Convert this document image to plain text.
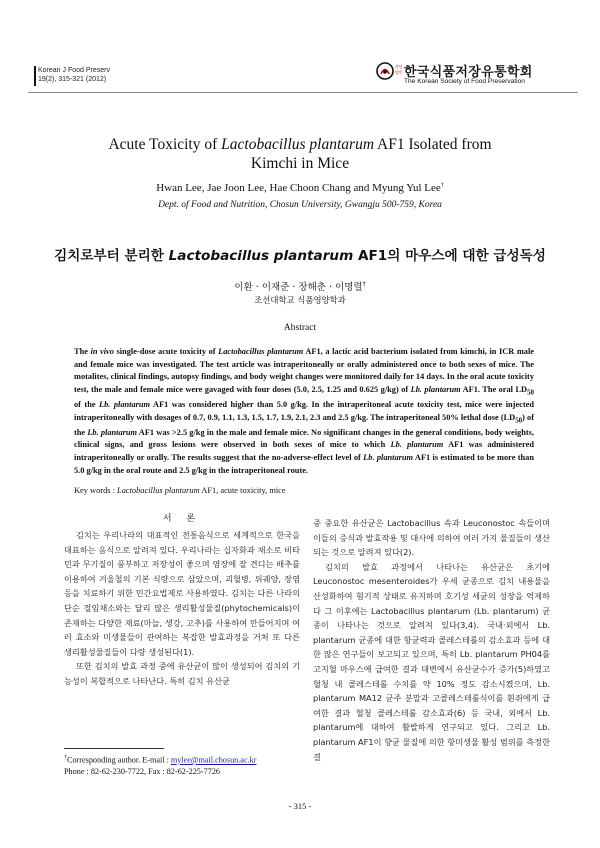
Korean J Food Preserv
19(2), 315-321 (2012)
사단법인 한국식품저장유통학회
The Korean Society of Food Preservation
Acute Toxicity of Lactobacillus plantarum AF1 Isolated from
Kimchi in Mice
Hwan Lee, Jae Joon Lee, Hae Choon Chang and Myung Yul Lee†
Dept. of Food and Nutrition, Chosun University, Gwangju 500-759, Korea
김치로부터 분리한 Lactobacillus plantarum AF1의 마우스에 대한 급성독성
이환 · 이재준 · 장해춘 · 이명렬†
조선대학교 식품영양학과
Abstract
The in vivo single-dose acute toxicity of Lactobacillus plantarum AF1, a lactic acid bacterium isolated from kimchi, in ICR male and female mice was investigated. The test article was intraperitoneally or orally administered once to both sexes of mice. The motalites, clinical findings, autopsy findings, and body weight changes were monitored daily for 14 days. In the oral acute toxicity test, the male and female mice were gavaged with four doses (5.0, 2.5, 1.25 and 0.625 g/kg) of Lb. plantarum AF1. The oral $LD_{50}$ of the Lb. plantarum AF1 was considered higher than 5.0 g/kg. In the intraperitoneal acute toxicity test, mice were injected intraperitoneally with dosages of 0.7, 0.9, 1.1, 1.3, 1.5, 1.7, 1.9, 2.1, 2.3 and 2.5 g/kg. The intraperitoneal 50% lethal dose $(LD_{50})$ of the Lb. plantarum AF1 was >2.5 g/kg in the male and female mice. No significant changes in the general conditions, body weights, clinical signs, and gross lesions were observed in both sexes of mice to which Lb. plantarum AF1 was administered intraperitoneally or orally. The results suggest that the no-adverse-effect level of Lb. plantarum AF1 is estimated to be more than 5.0 g/kg in the oral route and 2.5 g/kg in the intraperitoneal route.
Key words : Lactobacillus plantarum AF1, acute toxicity, mice
서 론

김치는 우리나라의 대표적인 전통음식으로 세계적으로 한국을 대표하는 음식으로 알려져 있다. 우리나라는 십자화과 채소로 비타민과 무기질이 풍부하고 저장성이 좋으며 염장에 잘 견디는 배추를 이용하여 겨울철의 기본 식량으로 삼았으며, 괴혈병, 위궤양, 장염 등을 치료하기 위한 민간요법제로 사용하였다. 김치는 다른 나라의 단순 절임채소와는 달리 많은 생리활성물질(phytochemicals)이 존재하는 다양한 재료(마늘, 생강, 고추)를 사용하여 만들어지며 여러 효소와 미생물들이 관여하는 복잡한 발효과정을 거쳐 또 다른 생리활성물질들이 다량 생성된다(1).

또한 김치의 발효 과정 중에 유산균이 많이 생성되어 김치의 기능성이 복합적으로 나타난다. 특히 김치 유산균

중 중요한 유산균은 Lactobacillus 속과 Leuconostoc 속들이며 이들의 증식과 발효작용 및 대사에 의하여 여러 가지 물질들이 생산되는 것으로 알려져 있다(2).

김치의 발효 과정에서 나타나는 유산균은 초기에 Leuconostoc mesenteroides가 우세 균종으로 김치 내용물을 산성화하여 혐기적 상태로 유지하며 호기성 세균의 성장을 억제하다 그 이후에는 Lactobacillus plantarum (Lb. plantarum) 균종이 나타나는 것으로 알려져 있다(3,4). 국내·외에서 Lb. plantarum 균종에 대한 항균력과 콜레스테롤의 감소효과 등에 대한 많은 연구들이 보고되고 있으며, 특히 Lb. plantarum PH04를 고지혈 마우스에 급여한 결과 대변에서 유산균수가 증가(5)하였고 혈청 내 콜레스테롤 수치를 약 10% 정도 감소시켰으며, Lb. plantarum MA12 균주 분말과 고콜레스테롤식이를 흰쥐에게 급여한 결과 혈청 콜레스테롤 감소효과(6) 등 국내, 외에서 Lb. plantarum에 대하여 활발하게 연구되고 있다. 그리고 Lb. plantarum AF1이 향균 물질에 의한 항미생물 활성 범위를 측정한 결

†Corresponding author. E-mail : mylee@mail.chosun.ac.kr
Phone : 82-62-230-7722, Fax : 82-62-225-7726
- 315 -
